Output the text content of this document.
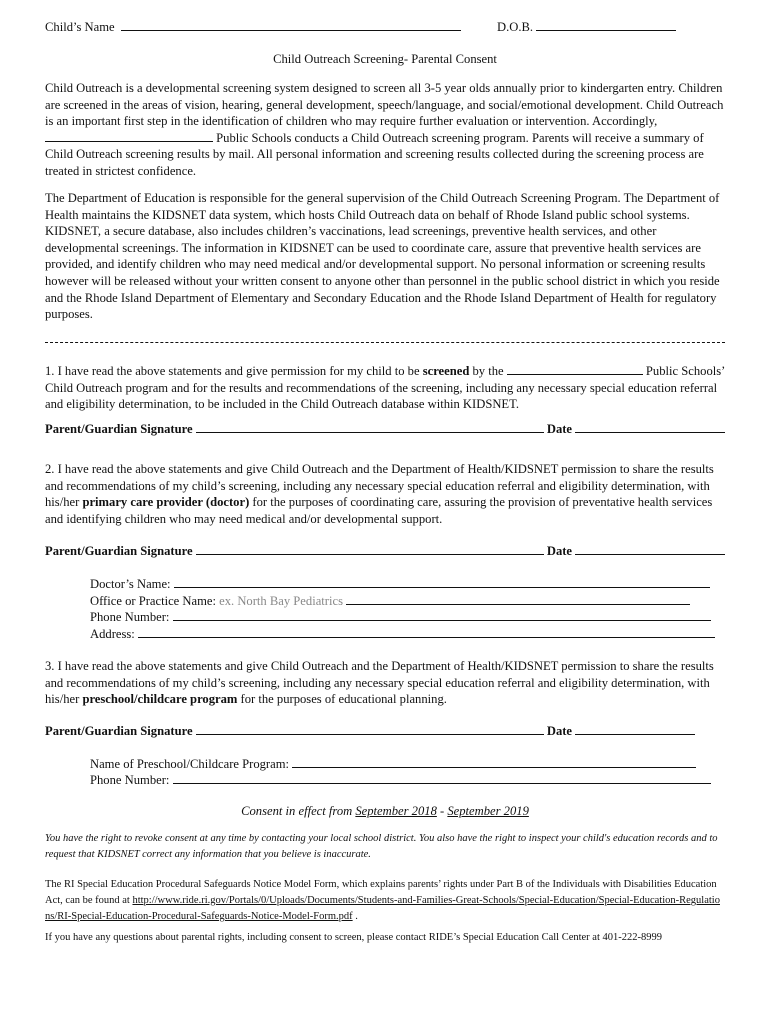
Child’s Name	D.O.B.
Child Outreach Screening- Parental Consent

Child Outreach is a developmental screening system designed to screen all 3-5 year olds annually prior to kindergarten entry. Children are screened in the areas of vision, hearing, general development, speech/language, and social/emotional development. Child Outreach is an important first step in the identification of children who may require further evaluation or intervention. Accordingly,  Public Schools conducts a Child Outreach screening program. Parents will receive a summary of Child Outreach screening results by mail. All personal information and screening results collected during the screening process are treated in strictest confidence.

The Department of Education is responsible for the general supervision of the Child Outreach Screening Program. The Department of Health maintains the KIDSNET data system, which hosts Child Outreach data on behalf of Rhode Island public school systems. KIDSNET, a secure database, also includes children’s vaccinations, lead screenings, preventive health services, and other developmental screenings. The information in KIDSNET can be used to coordinate care, assure that preventive health services are provided, and identify children who may need medical and/or developmental support. No personal information or screening results however will be released without your written consent to anyone other than personnel in the public school district in which you reside and the Rhode Island Department of Elementary and Secondary Education and the Rhode Island Department of Health for regulatory purposes.

1. I have read the above statements and give permission for my child to be screened by the	Public Schools’ Child Outreach program and for the results and recommendations of the screening, including any necessary special education referral and eligibility determination, to be included in the Child Outreach database within KIDSNET.

Parent/Guardian Signature	Date

2. I have read the above statements and give Child Outreach and the Department of Health/KIDSNET permission to share the results and recommendations of my child’s screening, including any necessary special education referral and eligibility determination, with his/her primary care provider (doctor) for the purposes of coordinating care, assuring the provision of preventative health services and identifying children who may need medical and/or developmental support.

Parent/Guardian Signature	Date
Doctor’s Name:
Office or Practice Name: ex. North Bay Pediatrics
Phone Number:
Address:

3. I have read the above statements and give Child Outreach and the Department of Health/KIDSNET permission to share the results and recommendations of my child’s screening, including any necessary special education referral and eligibility determination, with his/her preschool/childcare program for the purposes of educational planning.

Parent/Guardian Signature	Date
Name of Preschool/Childcare Program:
Phone Number:
Consent in effect from September 2018 - September 2019
You have the right to revoke consent at any time by contacting your local school district. You also have the right to inspect your child's education records and to request that KIDSNET correct any information that you believe is inaccurate.
The RI Special Education Procedural Safeguards Notice Model Form, which explains parents’ rights under Part B of the Individuals with Disabilities Education Act, can be found at http://www.ride.ri.gov/Portals/0/Uploads/Documents/Students-and-Families-Great-Schools/Special-Education/Special-Education-Regulations/RI-Special-Education-Procedural-Safeguards-Notice-Model-Form.pdf .
If you have any questions about parental rights, including consent to screen, please contact RIDE’s Special Education Call Center at 401-222-8999
